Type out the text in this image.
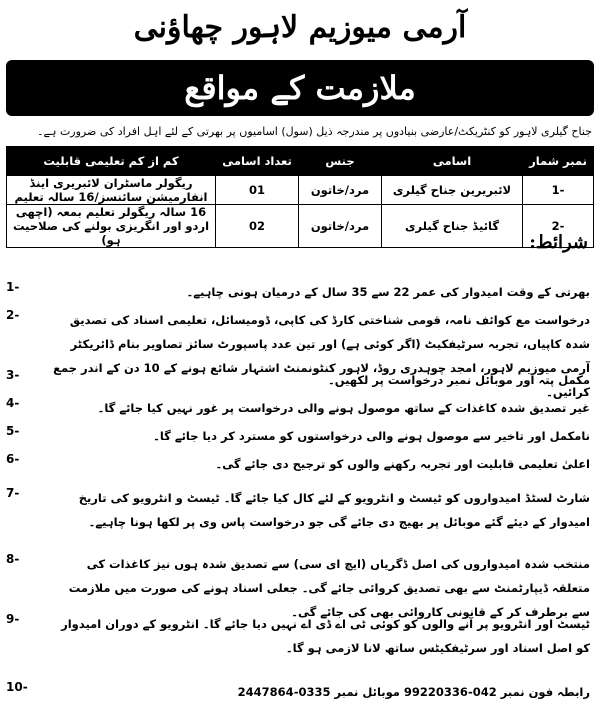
آرمی میوزیم لاہور چھاؤنی
ملازمت کے مواقع
جناح گیلری لاہور کو کنٹریکٹ/عارضی بنیادوں پر مندرجہ ذیل (سول) اسامیوں پر بھرتی کے لئے اہل افراد کی ضرورت ہے۔
نمبر شمار	اسامی	جنس	تعداد اسامی	کم از کم تعلیمی قابلیت
-1	لائبریرین جناح گیلری	مرد/خاتون	01	ریگولر ماسٹران لائبریری اینڈ انفارمیشن سائنسز/16 سالہ تعلیم
-2	گائیڈ جناح گیلری	مرد/خاتون	02	16 سالہ ریگولر تعلیم بمعہ (اچھی اردو اور انگریزی بولنے کی صلاحیت ہو)	شرائط:
بھرتی کے وقت امیدوار کی عمر 22 سے 35 سال کے درمیان ہونی چاہیے۔
-1
درخواست مع کوائف نامہ، قومی شناختی کارڈ کی کاپی، ڈومیسائل، تعلیمی اسناد کی تصدیق شدہ کاپیاں، تجربہ سرٹیفکیٹ (اگر کوئی ہے) اور تین عدد پاسپورٹ سائز تصاویر بنام ڈائریکٹر آرمی میوزیم لاہور، امجد چوہدری روڈ، لاہور کنٹونمنٹ اشتہار شائع ہونے کے 10 دن کے اندر جمع کرائیں۔
-2
مکمل پتہ اور موبائل نمبر درخواست پر لکھیں۔
-3
غیر تصدیق شدہ کاغذات کے ساتھ موصول ہونے والی درخواست پر غور نہیں کیا جائے گا۔
-4
نامکمل اور تاخیر سے موصول ہونے والی درخواستوں کو مسترد کر دیا جائے گا۔
-5
اعلیٰ تعلیمی قابلیت اور تجربہ رکھنے والوں کو ترجیح دی جائے گی۔
-6
شارٹ لسٹڈ امیدواروں کو ٹیسٹ و انٹرویو کے لئے کال کیا جائے گا۔ ٹیسٹ و انٹرویو کی تاریخ امیدوار کے دیئے گئے موبائل پر بھیج دی جائے گی جو درخواست پاس وی پر لکھا ہونا چاہیے۔
-7
منتخب شدہ امیدواروں کی اصل ڈگریاں (ایچ ای سی) سے تصدیق شدہ ہوں نیز کاغذات کی متعلقہ ڈیپارٹمنٹ سے بھی تصدیق کروائی جائے گی۔ جعلی اسناد ہونے کی صورت میں ملازمت سے برطرف کر کے قانونی کاروائی بھی کی جائے گی۔
-8
ٹیسٹ اور انٹرویو پر آنے والوں کو کوئی ٹی اے ڈی اے نہیں دیا جائے گا۔ انٹرویو کے دوران امیدوار کو اصل اسناد اور سرٹیفکیٹس ساتھ لانا لازمی ہو گا۔
-9
رابطہ فون نمبر 042-99220336 موبائل نمبر 0335-2447864
-10
